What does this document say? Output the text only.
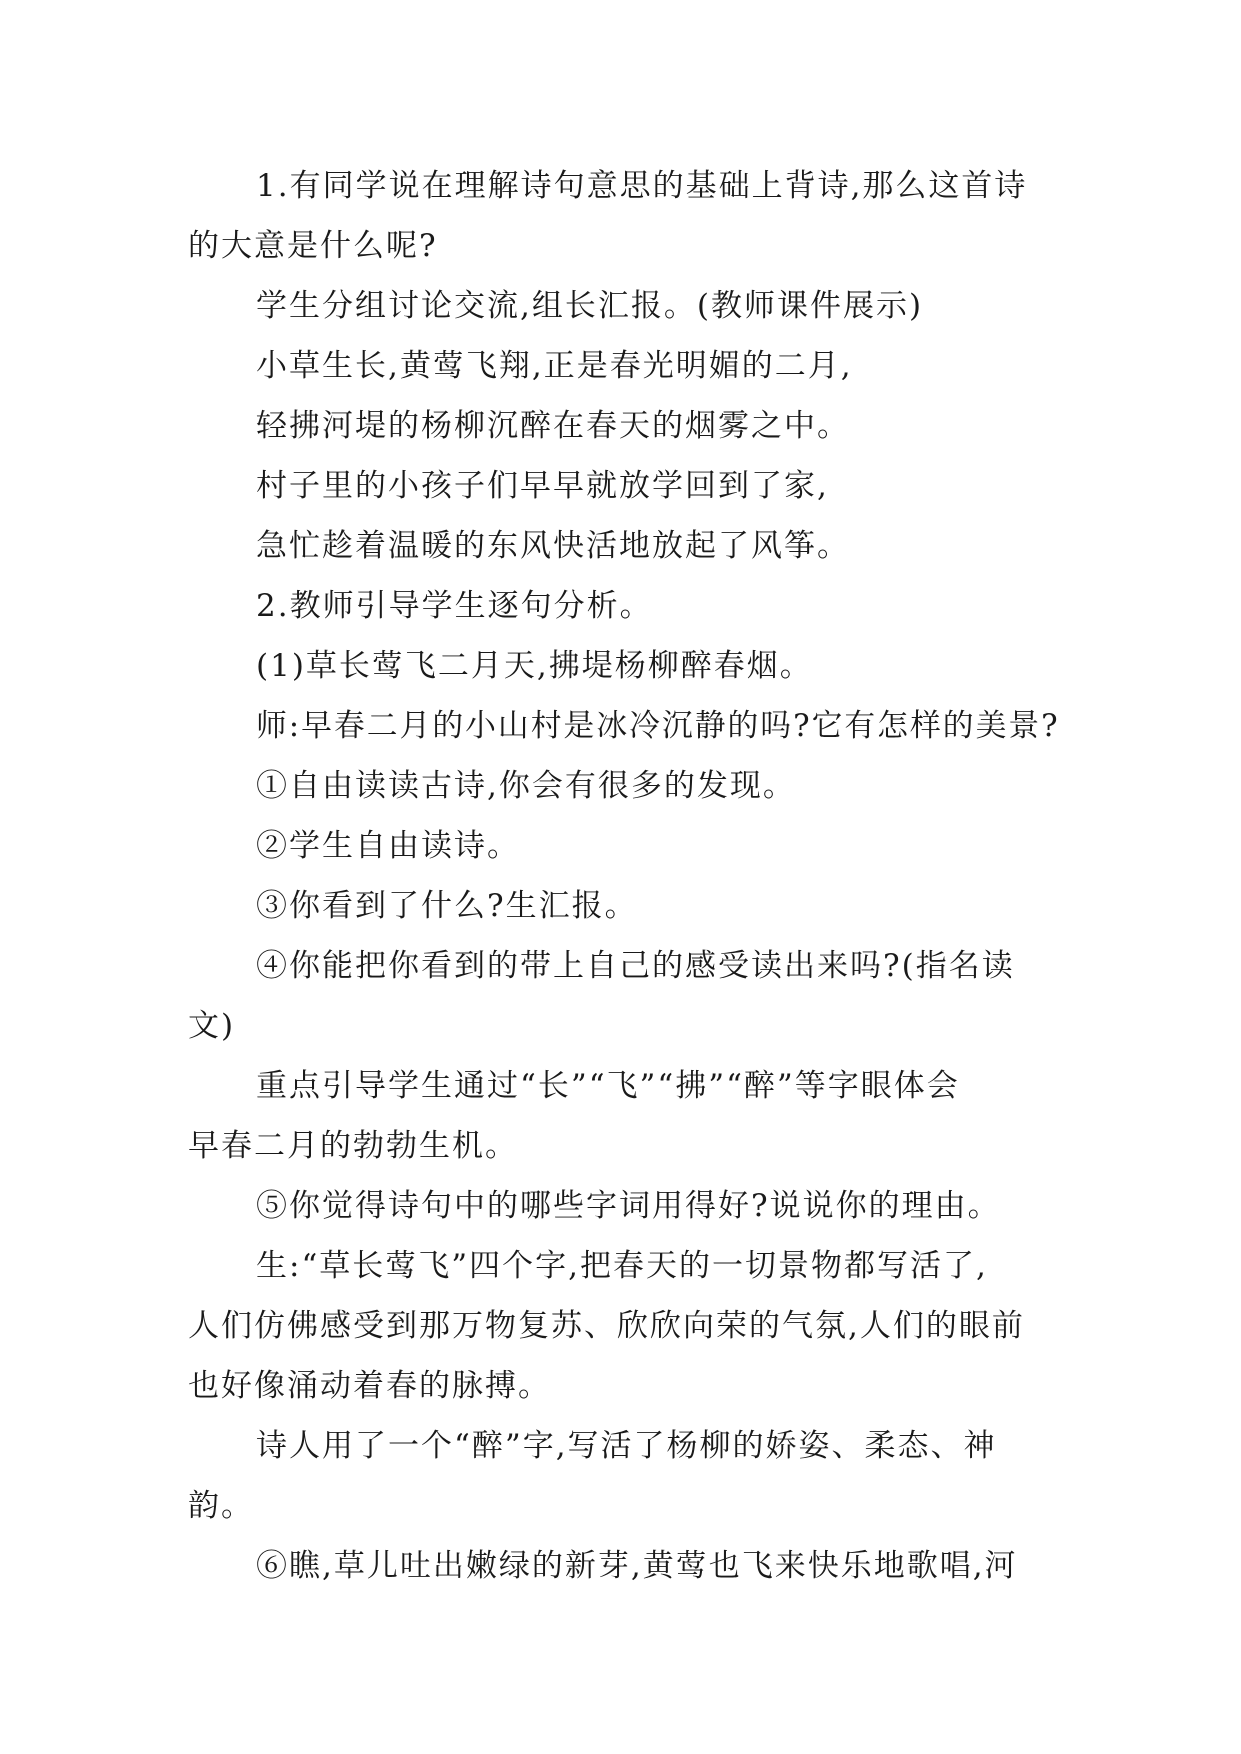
1.有同学说在理解诗句意思的基础上背诗,那么这首诗
的大意是什么呢?
学生分组讨论交流,组长汇报。(教师课件展示)
小草生长,黄莺飞翔,正是春光明媚的二月,
轻拂河堤的杨柳沉醉在春天的烟雾之中。
村子里的小孩子们早早就放学回到了家,
急忙趁着温暖的东风快活地放起了风筝。
2.教师引导学生逐句分析。
(1)草长莺飞二月天,拂堤杨柳醉春烟。
师:早春二月的小山村是冰冷沉静的吗?它有怎样的美景?
①自由读读古诗,你会有很多的发现。
②学生自由读诗。
③你看到了什么?生汇报。
④你能把你看到的带上自己的感受读出来吗?(指名读
文)
重点引导学生通过“长”“飞”“拂”“醉”等字眼体会
早春二月的勃勃生机。
⑤你觉得诗句中的哪些字词用得好?说说你的理由。
生:“草长莺飞”四个字,把春天的一切景物都写活了,
人们仿佛感受到那万物复苏、欣欣向荣的气氛,人们的眼前
也好像涌动着春的脉搏。
诗人用了一个“醉”字,写活了杨柳的娇姿、柔态、神
韵。
⑥瞧,草儿吐出嫩绿的新芽,黄莺也飞来快乐地歌唱,河
